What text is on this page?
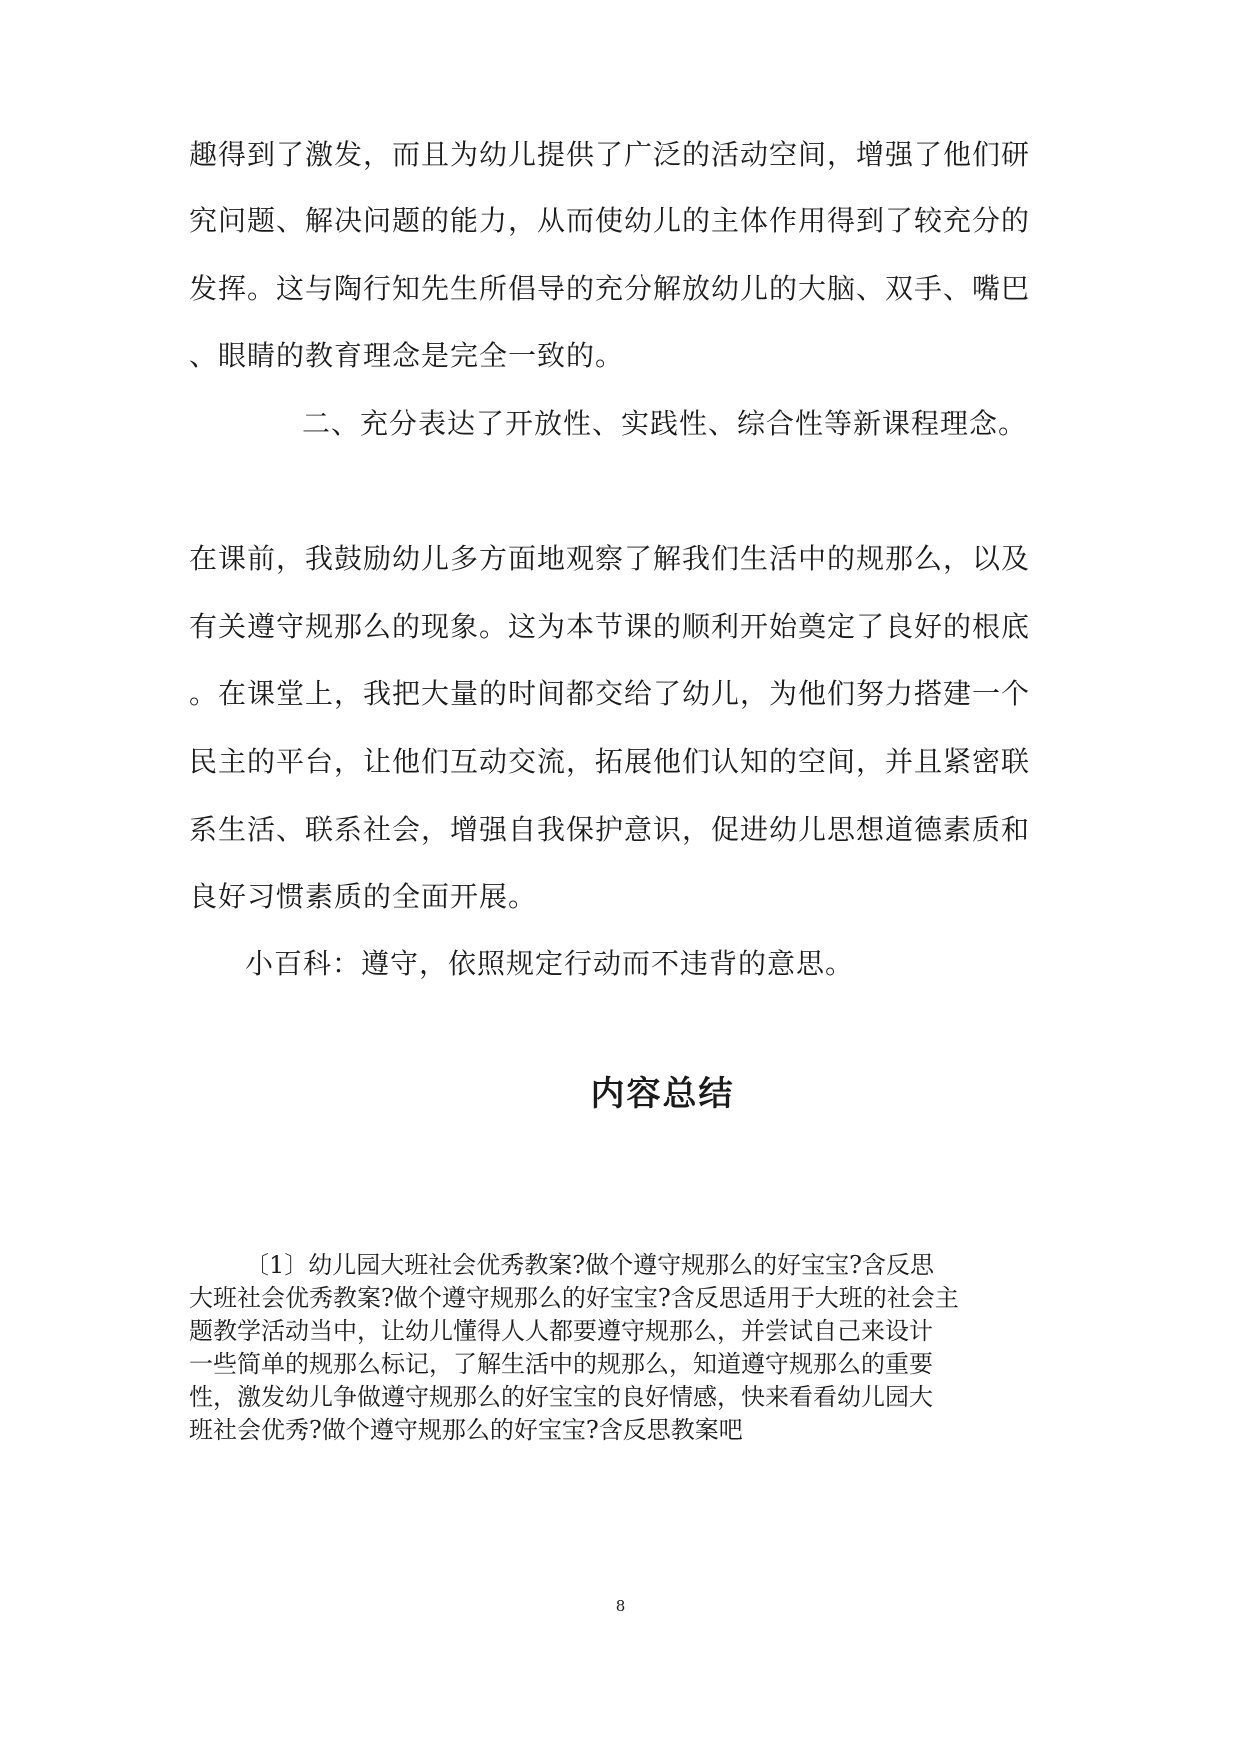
趣得到了激发，而且为幼儿提供了广泛的活动空间，增强了他们研
究问题、解决问题的能力，从而使幼儿的主体作用得到了较充分的
发挥。这与陶行知先生所倡导的充分解放幼儿的大脑、双手、嘴巴
、眼睛的教育理念是完全一致的。
二、充分表达了开放性、实践性、综合性等新课程理念。
在课前，我鼓励幼儿多方面地观察了解我们生活中的规那么，以及
有关遵守规那么的现象。这为本节课的顺利开始奠定了良好的根底
。在课堂上，我把大量的时间都交给了幼儿，为他们努力搭建一个
民主的平台，让他们互动交流，拓展他们认知的空间，并且紧密联
系生活、联系社会，增强自我保护意识，促进幼儿思想道德素质和
良好习惯素质的全面开展。
小百科：遵守，依照规定行动而不违背的意思。
内容总结
〔1〕幼儿园大班社会优秀教案?做个遵守规那么的好宝宝?含反思
大班社会优秀教案?做个遵守规那么的好宝宝?含反思适用于大班的社会主
题教学活动当中，让幼儿懂得人人都要遵守规那么，并尝试自己来设计
一些简单的规那么标记，了解生活中的规那么，知道遵守规那么的重要
性，激发幼儿争做遵守规那么的好宝宝的良好情感，快来看看幼儿园大
班社会优秀?做个遵守规那么的好宝宝?含反思教案吧
8
